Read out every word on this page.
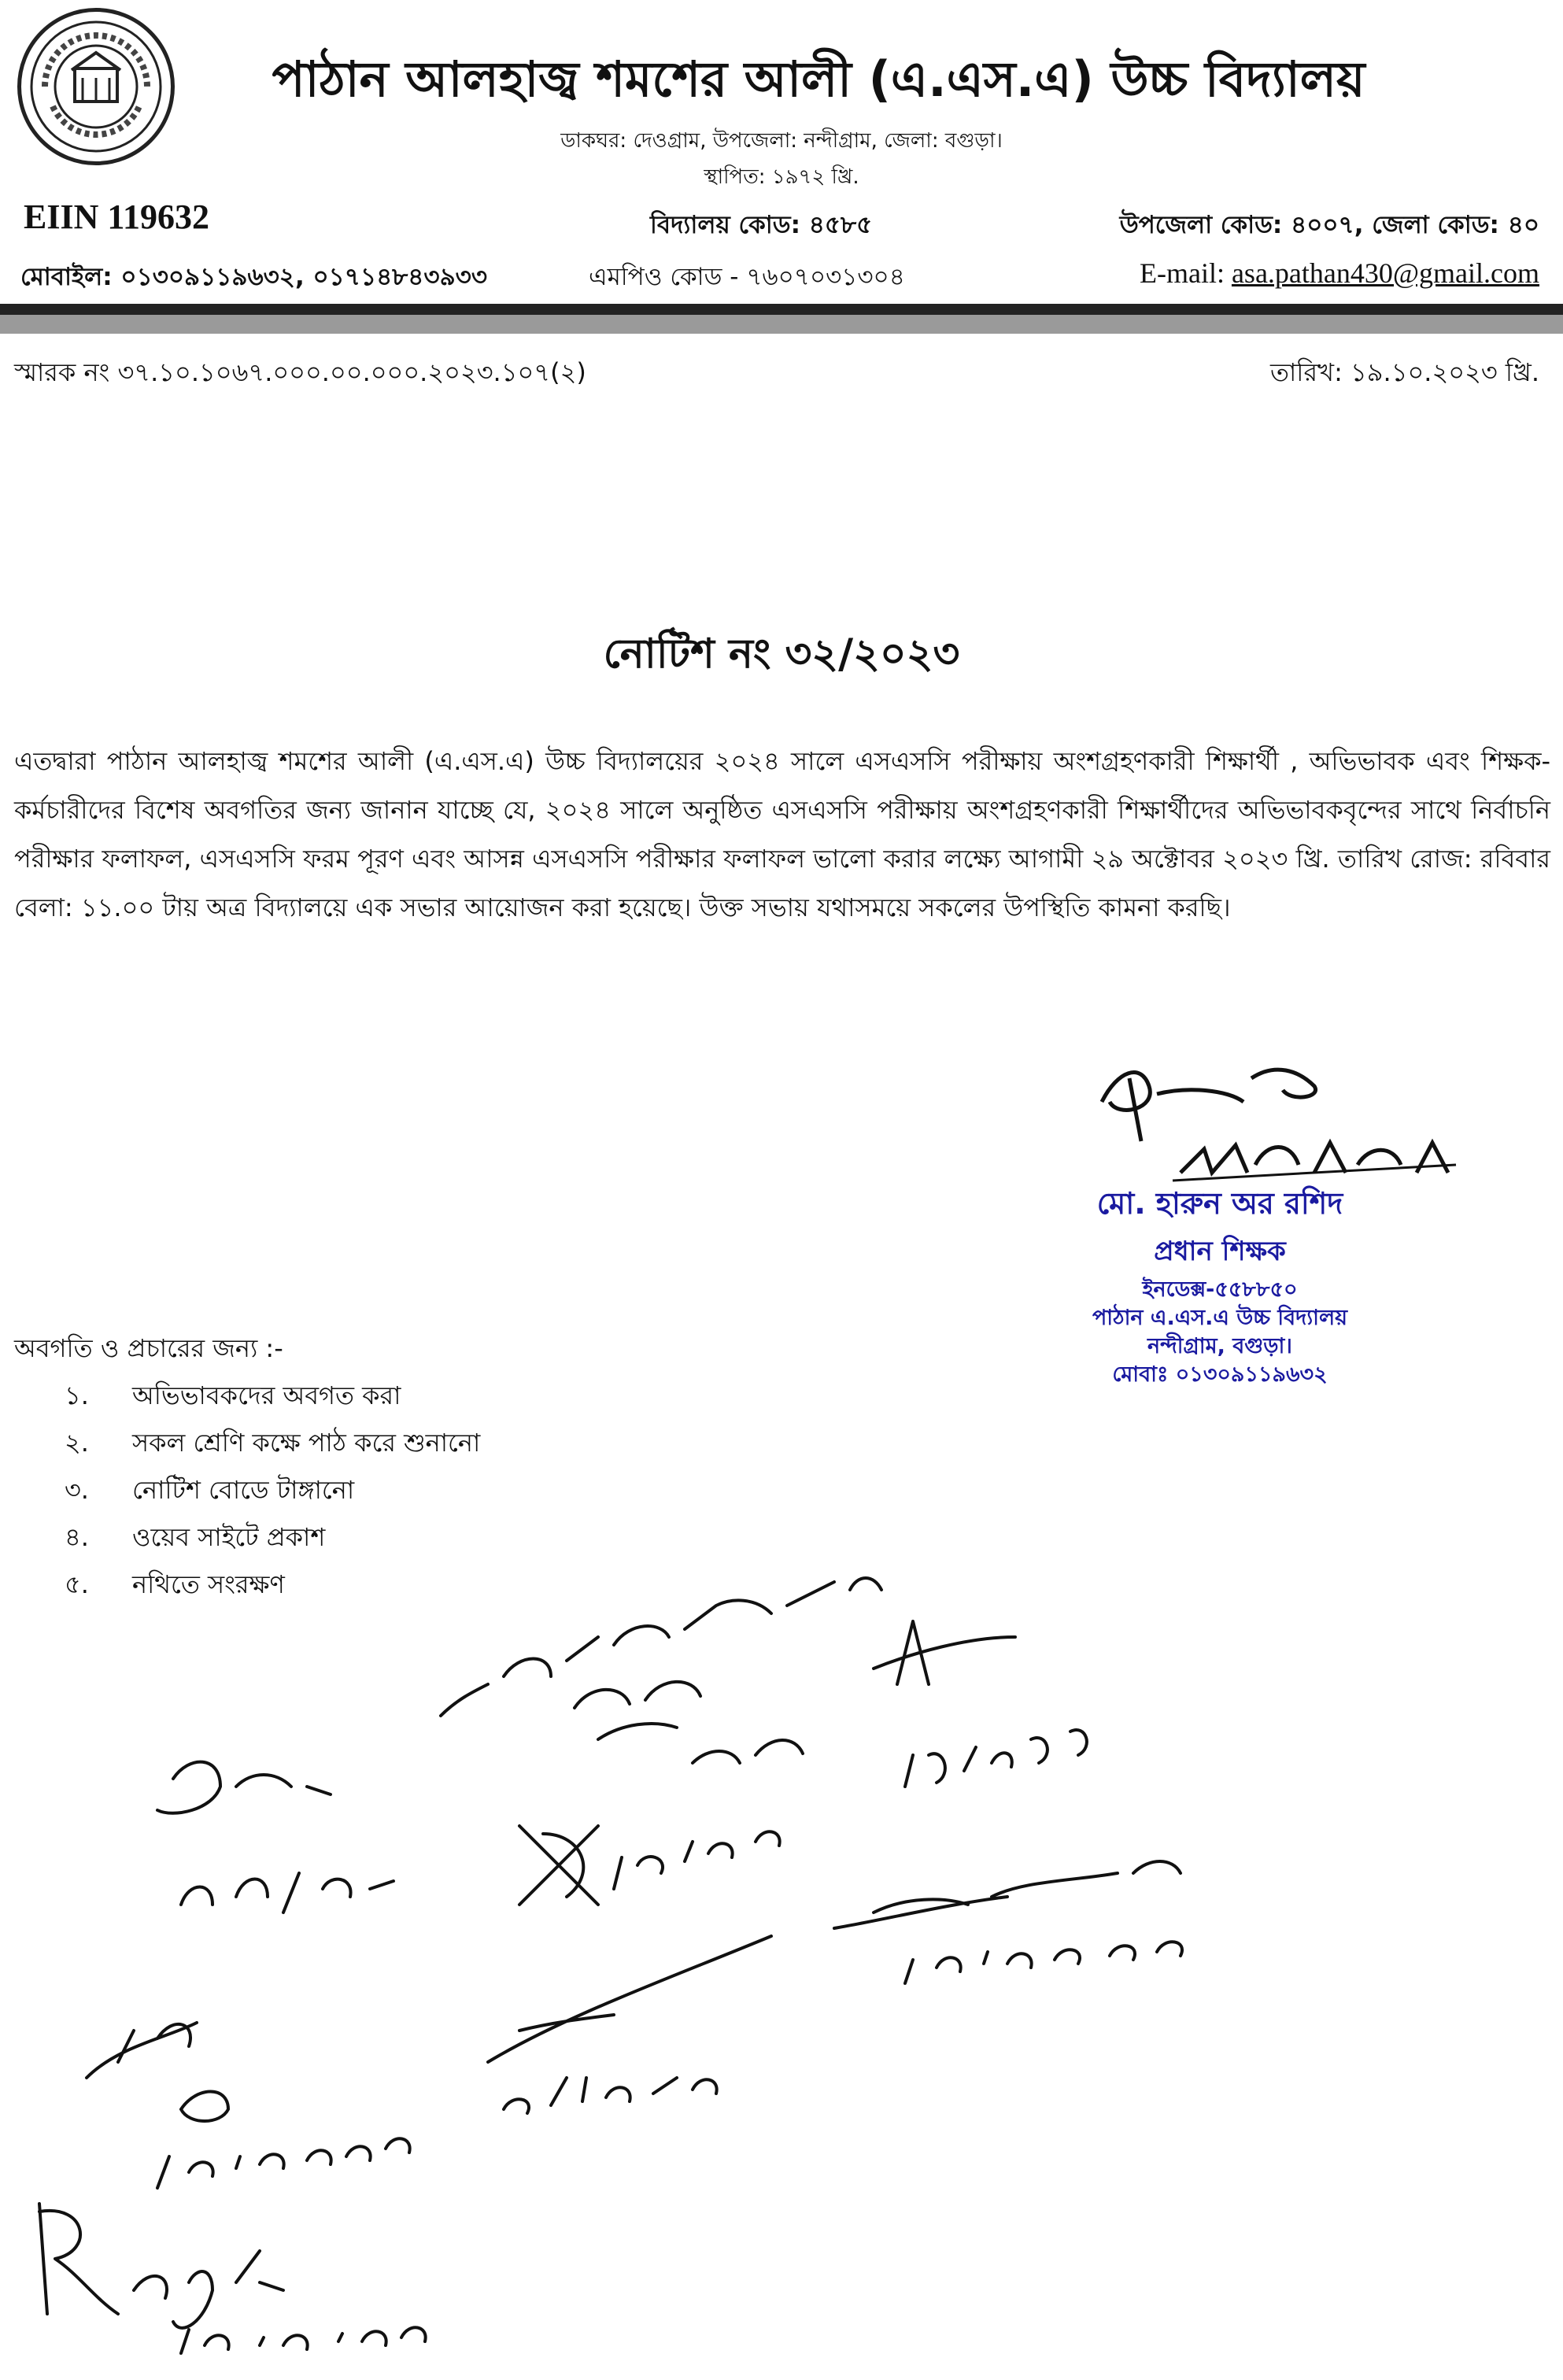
পাঠান আলহাজ্ব শমশের আলী (এ.এস.এ) উচ্চ বিদ্যালয়
ডাকঘর: দেওগ্রাম, উপজেলা: নন্দীগ্রাম, জেলা: বগুড়া।
স্থাপিত: ১৯৭২ খ্রি.
EIIN 119632	বিদ্যালয় কোড: ৪৫৮৫	উপজেলা কোড: ৪০০৭, জেলা কোড: ৪০
মোবাইল: ০১৩০৯১১৯৬৩২, ০১৭১৪৮৪৩৯৩৩	এমপিও কোড - ৭৬০৭০৩১৩০৪	E-mail: asa.pathan430@gmail.com
স্মারক নং ৩৭.১০.১০৬৭.০০০.০০.০০০.২০২৩.১০৭(২)	তারিখ: ১৯.১০.২০২৩ খ্রি.
নোটিশ নং ৩২/২০২৩
এতদ্বারা পাঠান আলহাজ্ব শমশের আলী (এ.এস.এ) উচ্চ বিদ্যালয়ের ২০২৪ সালে এসএসসি পরীক্ষায় অংশগ্রহণকারী শিক্ষার্থী , অভিভাবক এবং শিক্ষক-কর্মচারীদের বিশেষ অবগতির জন্য জানান যাচ্ছে যে, ২০২৪ সালে অনুষ্ঠিত এসএসসি পরীক্ষায় অংশগ্রহণকারী শিক্ষার্থীদের অভিভাবকবৃন্দের সাথে নির্বাচনি পরীক্ষার ফলাফল, এসএসসি ফরম পূরণ এবং আসন্ন এসএসসি পরীক্ষার ফলাফল ভালো করার লক্ষ্যে আগামী ২৯ অক্টোবর ২০২৩ খ্রি. তারিখ রোজ: রবিবার বেলা: ১১.০০ টায় অত্র বিদ্যালয়ে এক সভার আয়োজন করা হয়েছে। উক্ত সভায় যথাসময়ে সকলের উপস্থিতি কামনা করছি।
মো. হারুন অর রশিদ
প্রধান শিক্ষক
ইনডেক্স-৫৫৮৮৫০
পাঠান এ.এস.এ উচ্চ বিদ্যালয়
নন্দীগ্রাম, বগুড়া।
মোবাঃ ০১৩০৯১১৯৬৩২
অবগতি ও প্রচারের জন্য :-
১. অভিভাবকদের অবগত করা
২. সকল শ্রেণি কক্ষে পাঠ করে শুনানো
৩. নোটিশ বোডে টাঙ্গানো
৪. ওয়েব সাইটে প্রকাশ
৫. নথিতে সংরক্ষণ
